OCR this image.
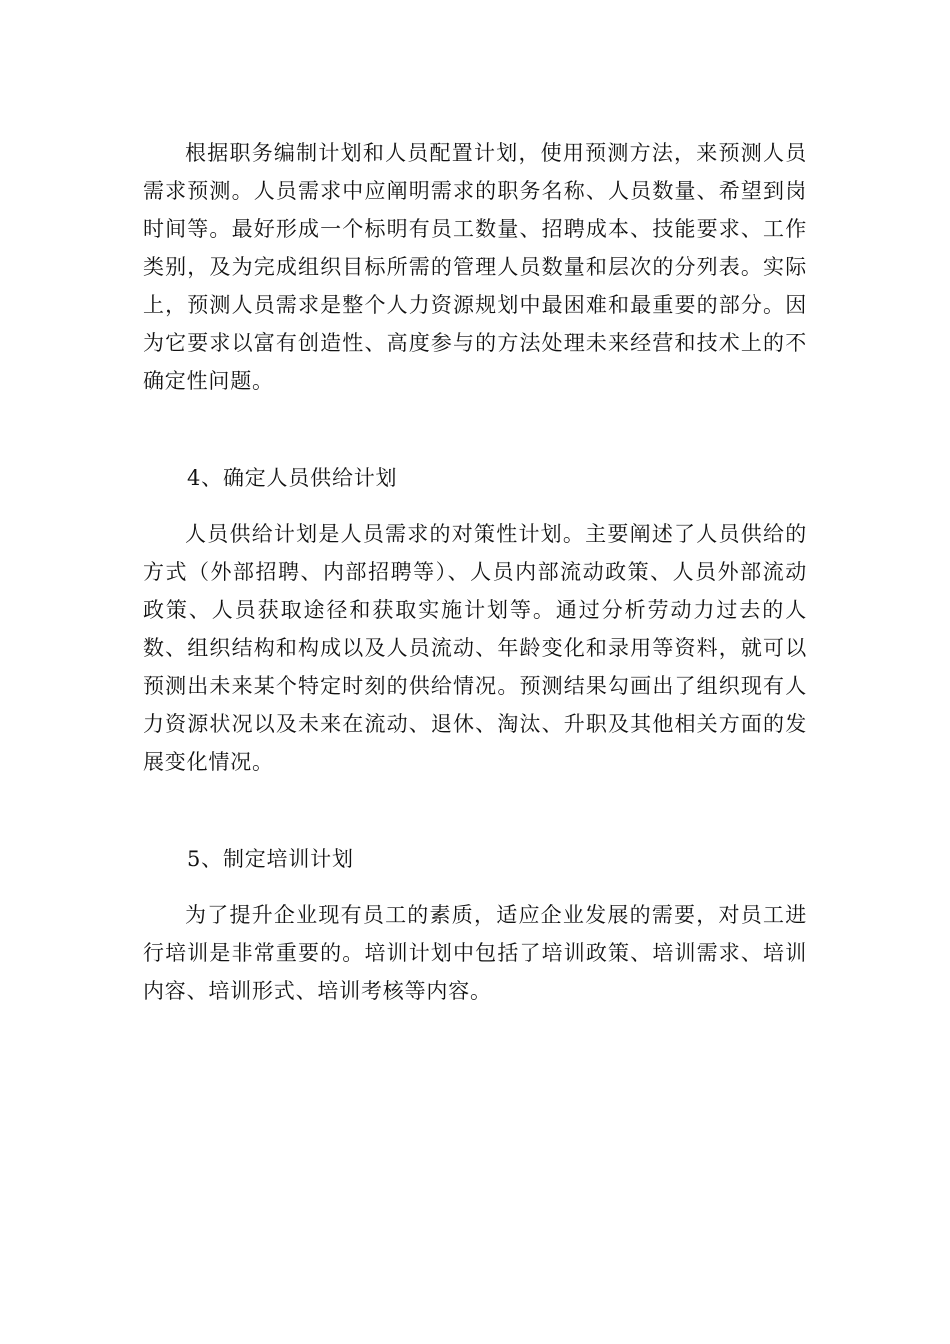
根据职务编制计划和人员配置计划，使用预测方法，来预测人员需求预测。人员需求中应阐明需求的职务名称、人员数量、希望到岗时间等。最好形成一个标明有员工数量、招聘成本、技能要求、工作类别，及为完成组织目标所需的管理人员数量和层次的分列表。实际上，预测人员需求是整个人力资源规划中最困难和最重要的部分。因为它要求以富有创造性、高度参与的方法处理未来经营和技术上的不确定性问题。

4、确定人员供给计划

人员供给计划是人员需求的对策性计划。主要阐述了人员供给的方式（外部招聘、内部招聘等）、人员内部流动政策、人员外部流动政策、人员获取途径和获取实施计划等。通过分析劳动力过去的人数、组织结构和构成以及人员流动、年龄变化和录用等资料，就可以预测出未来某个特定时刻的供给情况。预测结果勾画出了组织现有人力资源状况以及未来在流动、退休、淘汰、升职及其他相关方面的发展变化情况。

5、制定培训计划

为了提升企业现有员工的素质，适应企业发展的需要，对员工进行培训是非常重要的。培训计划中包括了培训政策、培训需求、培训内容、培训形式、培训考核等内容。
